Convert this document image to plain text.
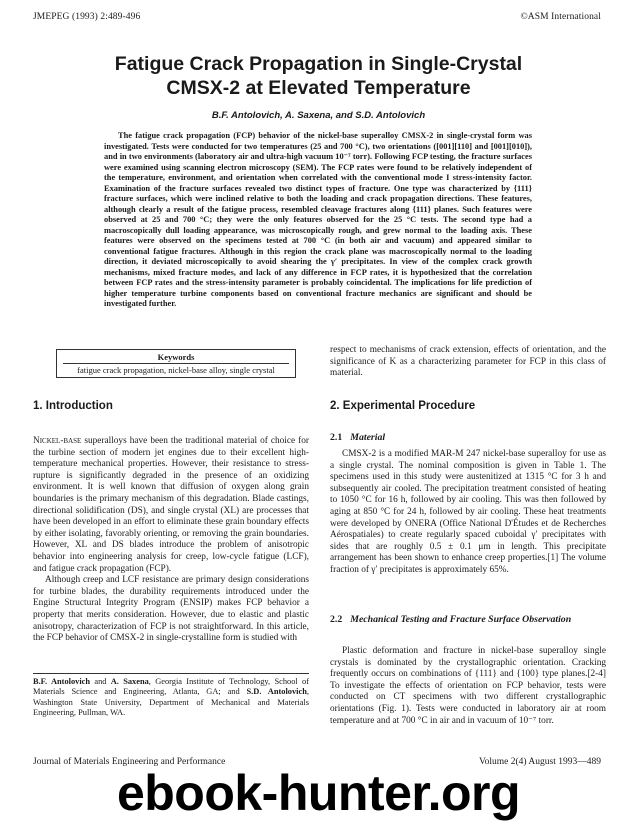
JMEPEG (1993) 2:489-496	©ASM International
Fatigue Crack Propagation in Single-Crystal
CMSX-2 at Elevated Temperature
B.F. Antolovich, A. Saxena, and S.D. Antolovich

The fatigue crack propagation (FCP) behavior of the nickel-base superalloy CMSX-2 in single-crystal form was investigated. Tests were conducted for two temperatures (25 and 700 °C), two orientations ([001][110] and [001][010]), and in two environments (laboratory air and ultra-high vacuum 10⁻⁷ torr). Following FCP testing, the fracture surfaces were examined using scanning electron microscopy (SEM). The FCP rates were found to be relatively independent of the temperature, environment, and orientation when correlated with the conventional mode I stress-intensity factor. Examination of the fracture surfaces revealed two distinct types of fracture. One type was characterized by {111} fracture surfaces, which were inclined relative to both the loading and crack propagation directions. These features, although clearly a result of the fatigue process, resembled cleavage fractures along {111} planes. Such features were observed at 25 and 700 °C; they were the only features observed for the 25 °C tests. The second type had a macroscopically dull loading appearance, was microscopically rough, and grew normal to the loading axis. These features were observed on the specimens tested at 700 °C (in both air and vacuum) and appeared similar to conventional fatigue fractures. Although in this region the crack plane was macroscopically normal to the loading direction, it deviated microscopically to avoid shearing the γ′ precipitates. In view of the complex crack growth mechanisms, mixed fracture modes, and lack of any difference in FCP rates, it is hypothesized that the correlation between FCP rates and the stress-intensity parameter is probably coincidental. The implications for life prediction of higher temperature turbine components based on conventional fracture mechanics are significant and should be investigated further.

Keywords
fatigue crack propagation, nickel-base alloy, single crystal
1. Introduction

Nickel-base superalloys have been the traditional material of choice for the turbine section of modern jet engines due to their excellent high-temperature mechanical properties. However, their resistance to stress-rupture is significantly degraded in the presence of an oxidizing environment. It is well known that diffusion of oxygen along grain boundaries is the primary mechanism of this degradation. Blade castings, directional solidification (DS), and single crystal (XL) are processes that have been developed in an effort to eliminate these grain boundary effects by either isolating, favorably orienting, or removing the grain boundaries. However, XL and DS blades introduce the problem of anisotropic behavior into engineering analysis for creep, low-cycle fatigue (LCF), and fatigue crack propagation (FCP).

Although creep and LCF resistance are primary design considerations for turbine blades, the durability requirements introduced under the Engine Structural Integrity Program (ENSIP) makes FCP behavior a property that merits consideration. However, due to elastic and plastic anisotropy, characterization of FCP is not straightforward. In this article, the FCP behavior of CMSX-2 in single-crystalline form is studied with

B.F. Antolovich and A. Saxena, Georgia Institute of Technology, School of Materials Science and Engineering, Atlanta, GA; and S.D. Antolovich, Washington State University, Department of Mechanical and Materials Engineering, Pullman, WA.

respect to mechanisms of crack extension, effects of orientation, and the significance of K as a characterizing parameter for FCP in this class of material.

2. Experimental Procedure
2.1 Material

CMSX-2 is a modified MAR-M 247 nickel-base superalloy for use as a single crystal. The nominal composition is given in Table 1. The specimens used in this study were austenitized at 1315 °C for 3 h and subsequently air cooled. The precipitation treatment consisted of heating to 1050 °C for 16 h, followed by air cooling. This was then followed by aging at 850 °C for 24 h, followed by air cooling. These heat treatments were developed by ONERA (Office National D'Études et de Recherches Aérospatiales) to create regularly spaced cuboidal γ′ precipitates with sides that are roughly 0.5 ± 0.1 μm in length. This precipitate arrangement has been shown to enhance creep properties.[1] The volume fraction of γ′ precipitates is approximately 65%.

2.2 Mechanical Testing and Fracture Surface Observation

Plastic deformation and fracture in nickel-base superalloy single crystals is dominated by the crystallographic orientation. Cracking frequently occurs on combinations of {111} and {100} type planes.[2-4] To investigate the effects of orientation on FCP behavior, tests were conducted on CT specimens with two different crystallographic orientations (Fig. 1). Tests were conducted in laboratory air at room temperature and at 700 °C in air and in vacuum of 10⁻⁷ torr.

Journal of Materials Engineering and Performance	Volume 2(4) August 1993—489
ebook-hunter.org
